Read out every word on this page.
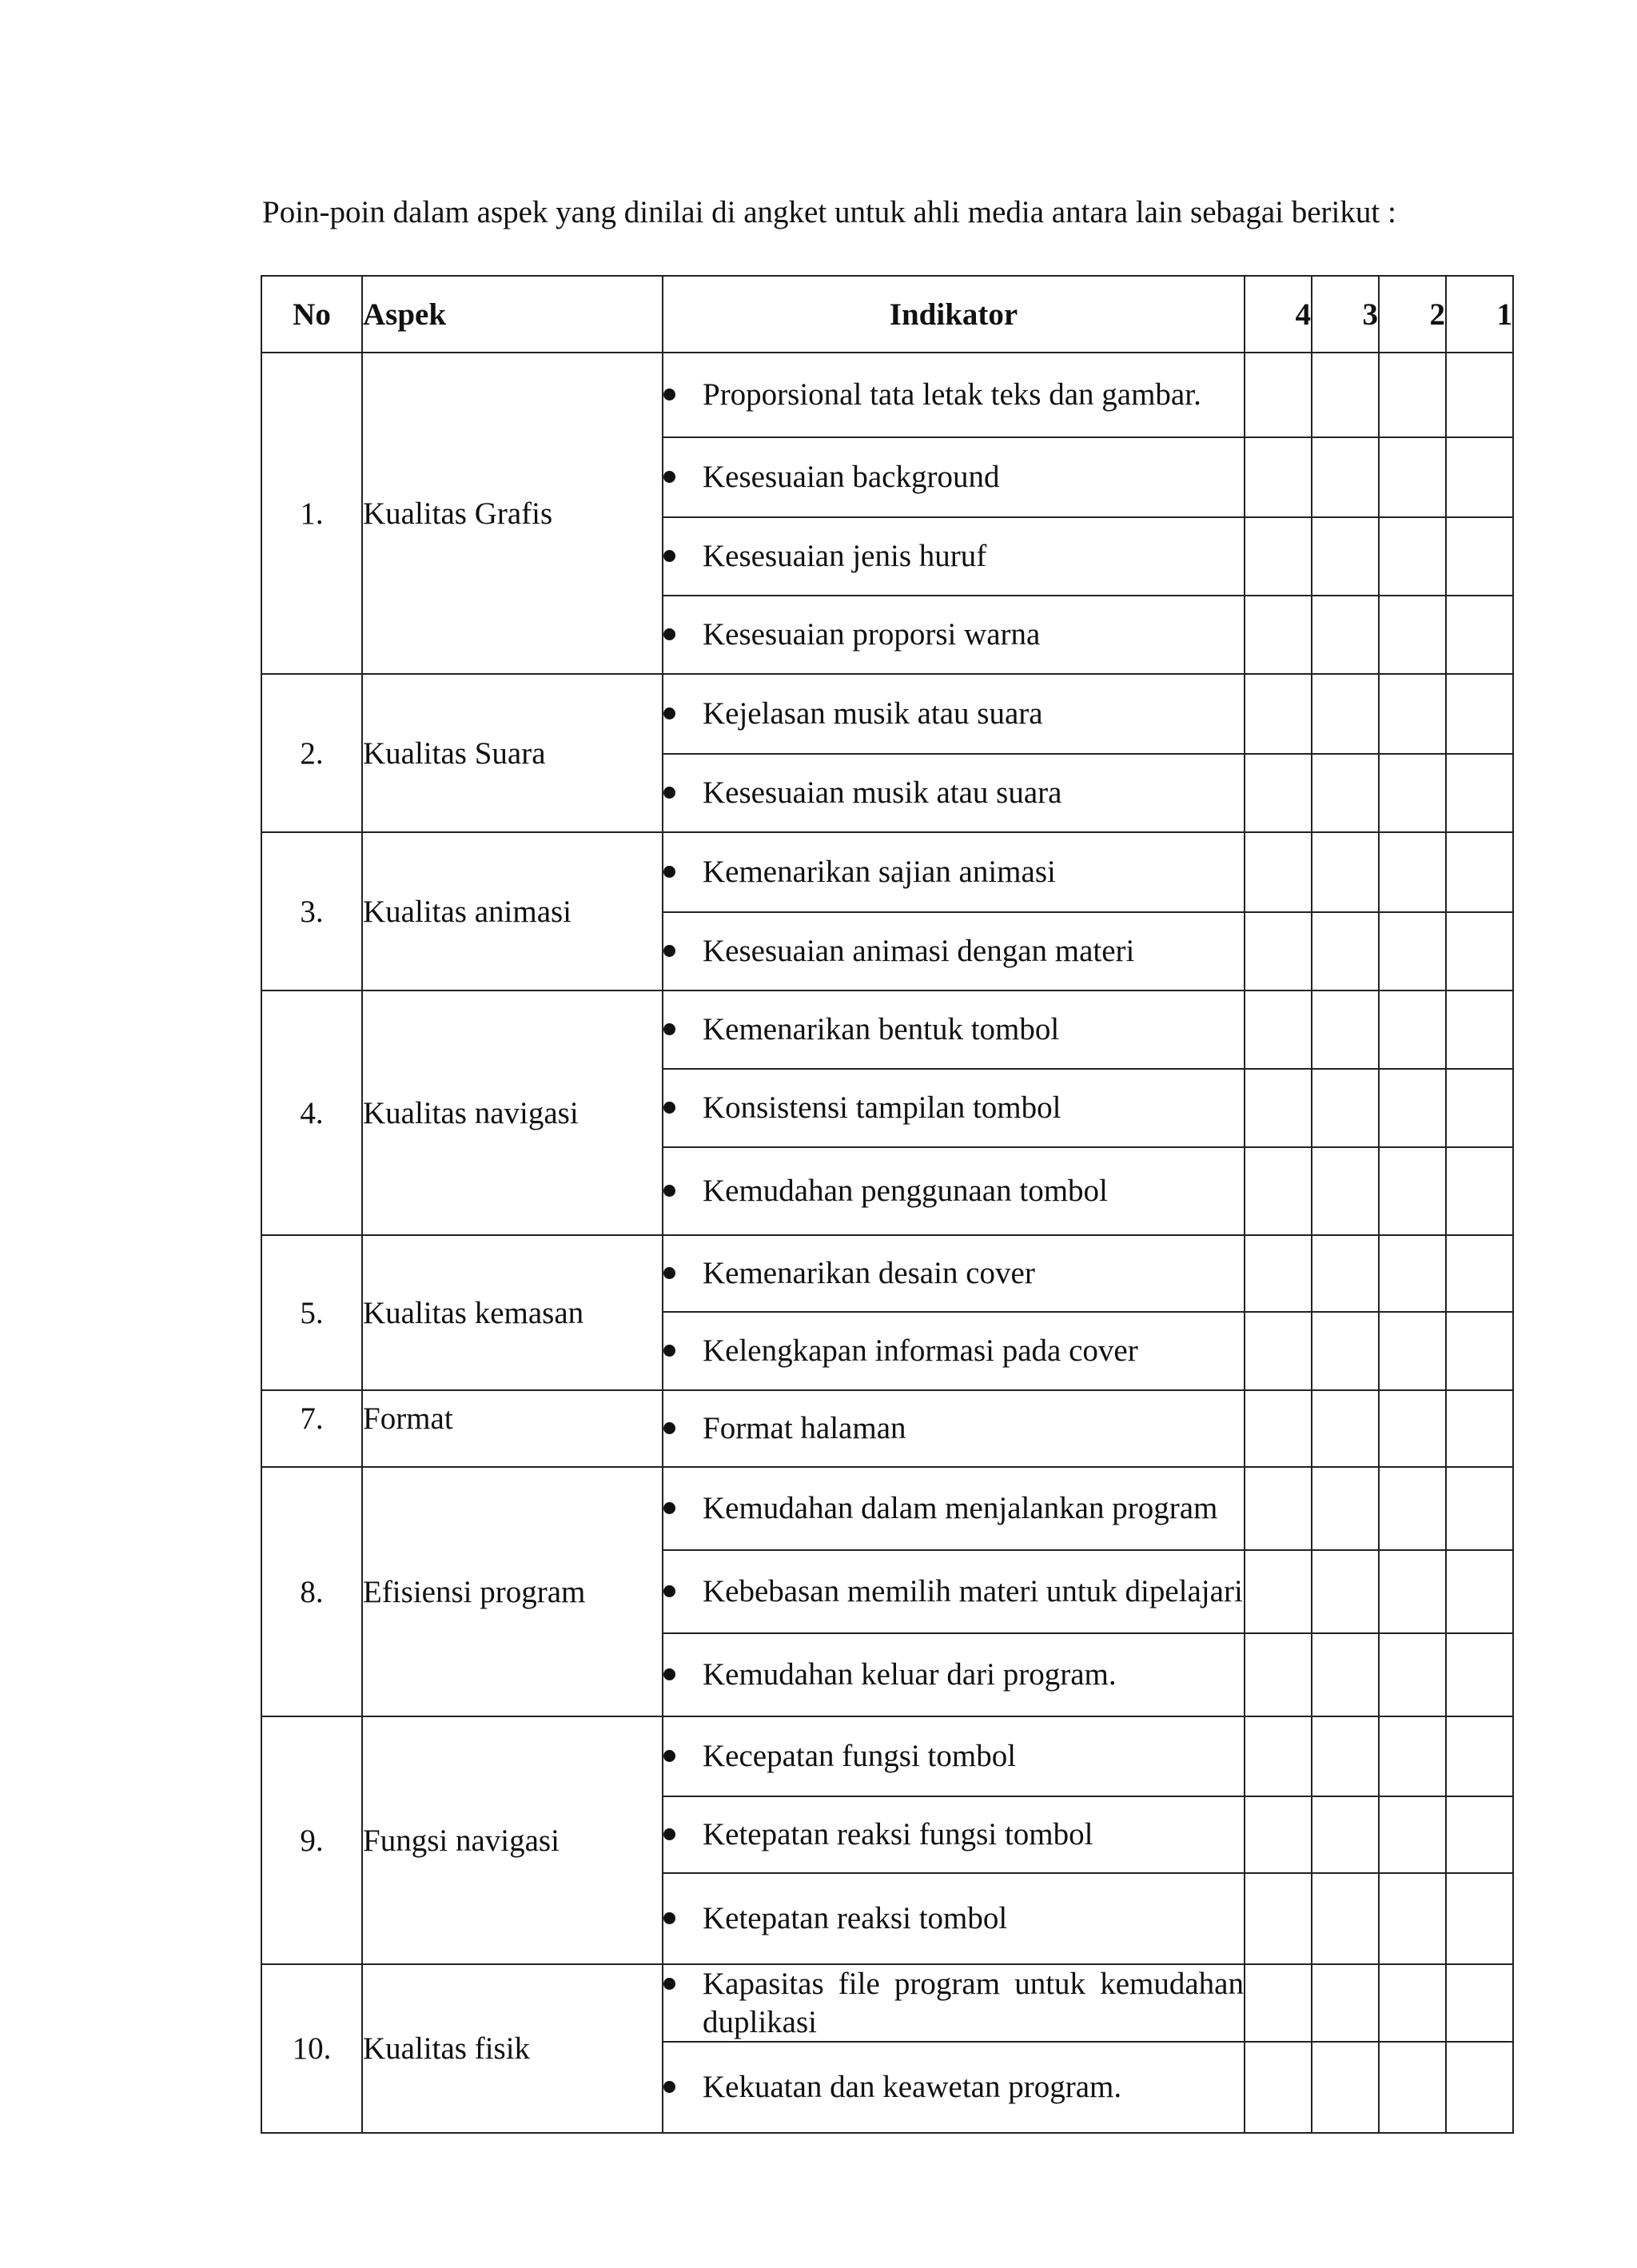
Poin-poin dalam aspek yang dinilai di angket untuk ahli media antara lain sebagai berikut :
No	Aspek	Indikator	4	3	2	1
1.	Kualitas Grafis	Proporsional tata letak teks dan gambar.				

		Kesesuaian background				

		Kesesuaian jenis huruf				

		Kesesuaian proporsi warna				

2.	Kualitas Suara	Kejelasan musik atau suara				

		Kesesuaian musik atau suara				

3.	Kualitas animasi	Kemenarikan sajian animasi				

		Kesesuaian animasi dengan materi				

4.	Kualitas navigasi	Kemenarikan bentuk tombol				

		Konsistensi tampilan tombol				

		Kemudahan penggunaan tombol				

5.	Kualitas kemasan	Kemenarikan desain cover				

		Kelengkapan informasi pada cover				

7.	Format	Format halaman				

8.	Efisiensi program	Kemudahan dalam menjalankan program				

		Kebebasan memilih materi untuk dipelajari				

		Kemudahan keluar dari program.				

9.	Fungsi navigasi	Kecepatan fungsi tombol				

		Ketepatan reaksi fungsi tombol				

		Ketepatan reaksi tombol				

10.	Kualitas fisik	Kapasitas file program untuk kemudahan duplikasi				

		Kekuatan dan keawetan program.				
